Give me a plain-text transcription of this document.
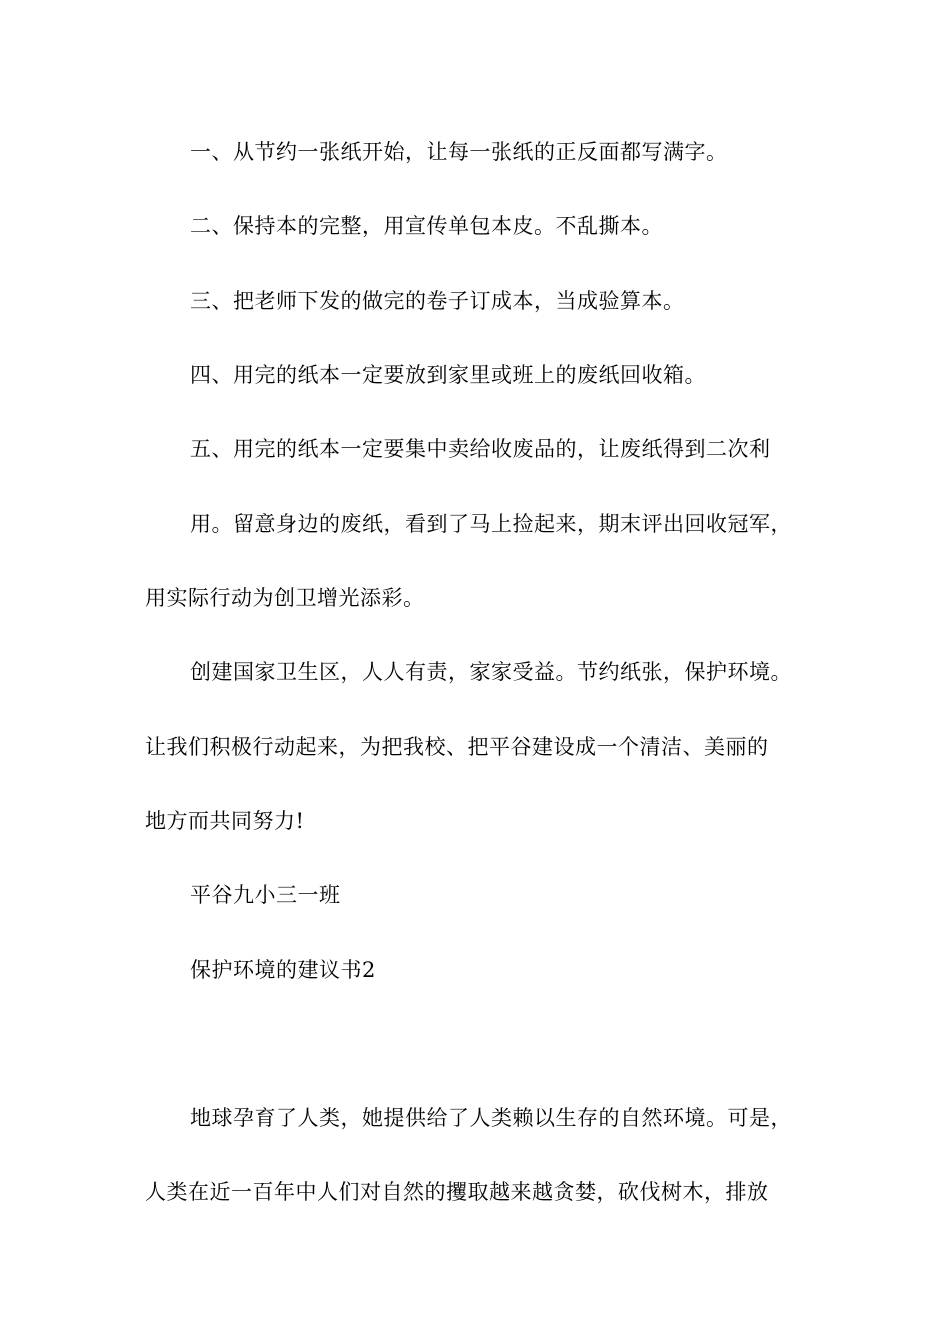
一、从节约一张纸开始，让每一张纸的正反面都写满字。
二、保持本的完整，用宣传单包本皮。不乱撕本。
三、把老师下发的做完的卷子订成本，当成验算本。
四、用完的纸本一定要放到家里或班上的废纸回收箱。
五、用完的纸本一定要集中卖给收废品的，让废纸得到二次利
用。留意身边的废纸，看到了马上捡起来，期末评出回收冠军，
用实际行动为创卫增光添彩。
创建国家卫生区，人人有责，家家受益。节约纸张，保护环境。
让我们积极行动起来，为把我校、把平谷建设成一个清洁、美丽的
地方而共同努力!
平谷九小三一班
保护环境的建议书2
地球孕育了人类，她提供给了人类赖以生存的自然环境。可是，
人类在近一百年中人们对自然的攫取越来越贪婪，砍伐树木，排放
